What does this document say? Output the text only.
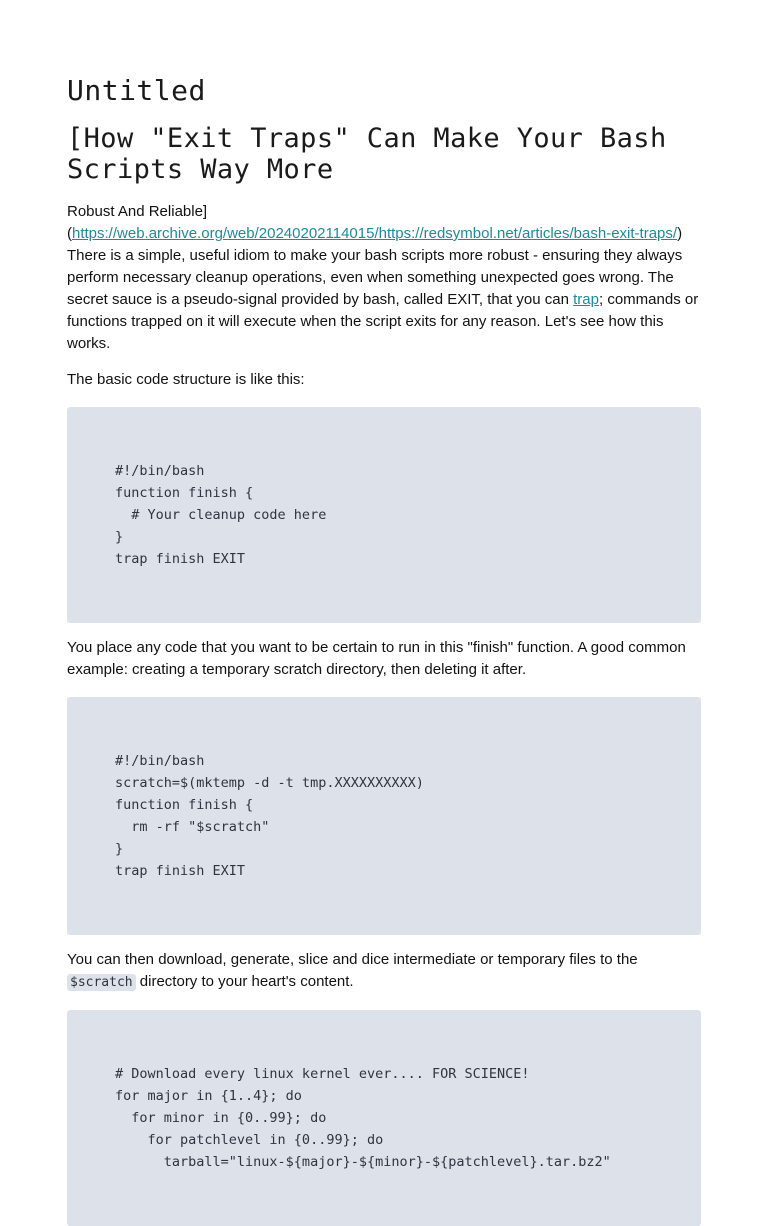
Untitled
[How "Exit Traps" Can Make Your Bash Scripts Way More

Robust And Reliable]

(https://web.archive.org/web/20240202114015/https://redsymbol.net/articles/bash-exit-traps/)

There is a simple, useful idiom to make your bash scripts more robust - ensuring they always perform necessary cleanup operations, even when something unexpected goes wrong. The secret sauce is a pseudo-signal provided by bash, called EXIT, that you can trap; commands or functions trapped on it will execute when the script exits for any reason. Let's see how this works.

The basic code structure is like this:

#!/bin/bash
function finish {
# Your cleanup code here
}
trap finish EXIT

You place any code that you want to be certain to run in this "finish" function. A good common example: creating a temporary scratch directory, then deleting it after.

#!/bin/bash
scratch=$(mktemp -d -t tmp.XXXXXXXXXX)
function finish {
rm -rf "$scratch"
}
trap finish EXIT

You can then download, generate, slice and dice intermediate or temporary files to the $scratch directory to your heart's content.

# Download every linux kernel ever.... FOR SCIENCE!
for major in {1..4}; do
for minor in {0..99}; do
for patchlevel in {0..99}; do
tarball="linux-${major}-${minor}-${patchlevel}.tar.bz2"
